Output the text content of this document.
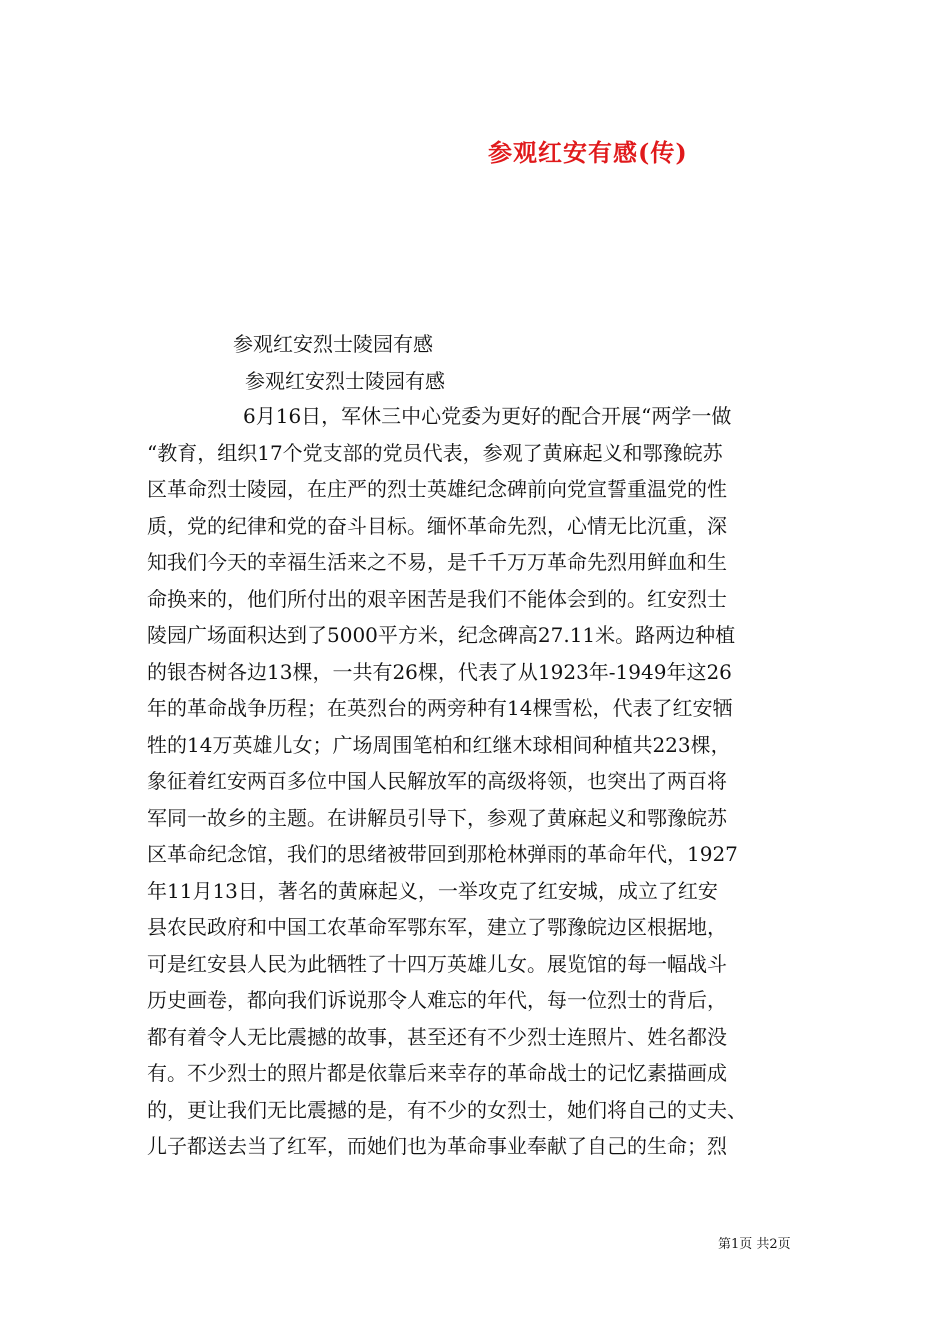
参观红安有感(传)
参观红安烈士陵园有感
参观红安烈士陵园有感
6月16日，军休三中心党委为更好的配合开展“两学一做
“教育，组织17个党支部的党员代表，参观了黄麻起义和鄂豫皖苏
区革命烈士陵园，在庄严的烈士英雄纪念碑前向党宣誓重温党的性
质，党的纪律和党的奋斗目标。缅怀革命先烈，心情无比沉重，深
知我们今天的幸福生活来之不易，是千千万万革命先烈用鲜血和生
命换来的，他们所付出的艰辛困苦是我们不能体会到的。红安烈士
陵园广场面积达到了5000平方米，纪念碑高27.11米。路两边种植
的银杏树各边13棵，一共有26棵，代表了从1923年-1949年这26
年的革命战争历程；在英烈台的两旁种有14棵雪松，代表了红安牺
牲的14万英雄儿女；广场周围笔柏和红继木球相间种植共223棵，
象征着红安两百多位中国人民解放军的高级将领，也突出了两百将
军同一故乡的主题。在讲解员引导下，参观了黄麻起义和鄂豫皖苏
区革命纪念馆，我们的思绪被带回到那枪林弹雨的革命年代，1927
年11月13日，著名的黄麻起义，一举攻克了红安城，成立了红安
县农民政府和中国工农革命军鄂东军，建立了鄂豫皖边区根据地，
可是红安县人民为此牺牲了十四万英雄儿女。展览馆的每一幅战斗
历史画卷，都向我们诉说那令人难忘的年代，每一位烈士的背后，
都有着令人无比震撼的故事，甚至还有不少烈士连照片、姓名都没
有。不少烈士的照片都是依靠后来幸存的革命战士的记忆素描画成
的，更让我们无比震撼的是，有不少的女烈士，她们将自己的丈夫、
儿子都送去当了红军，而她们也为革命事业奉献了自己的生命；烈
第1页 共2页
